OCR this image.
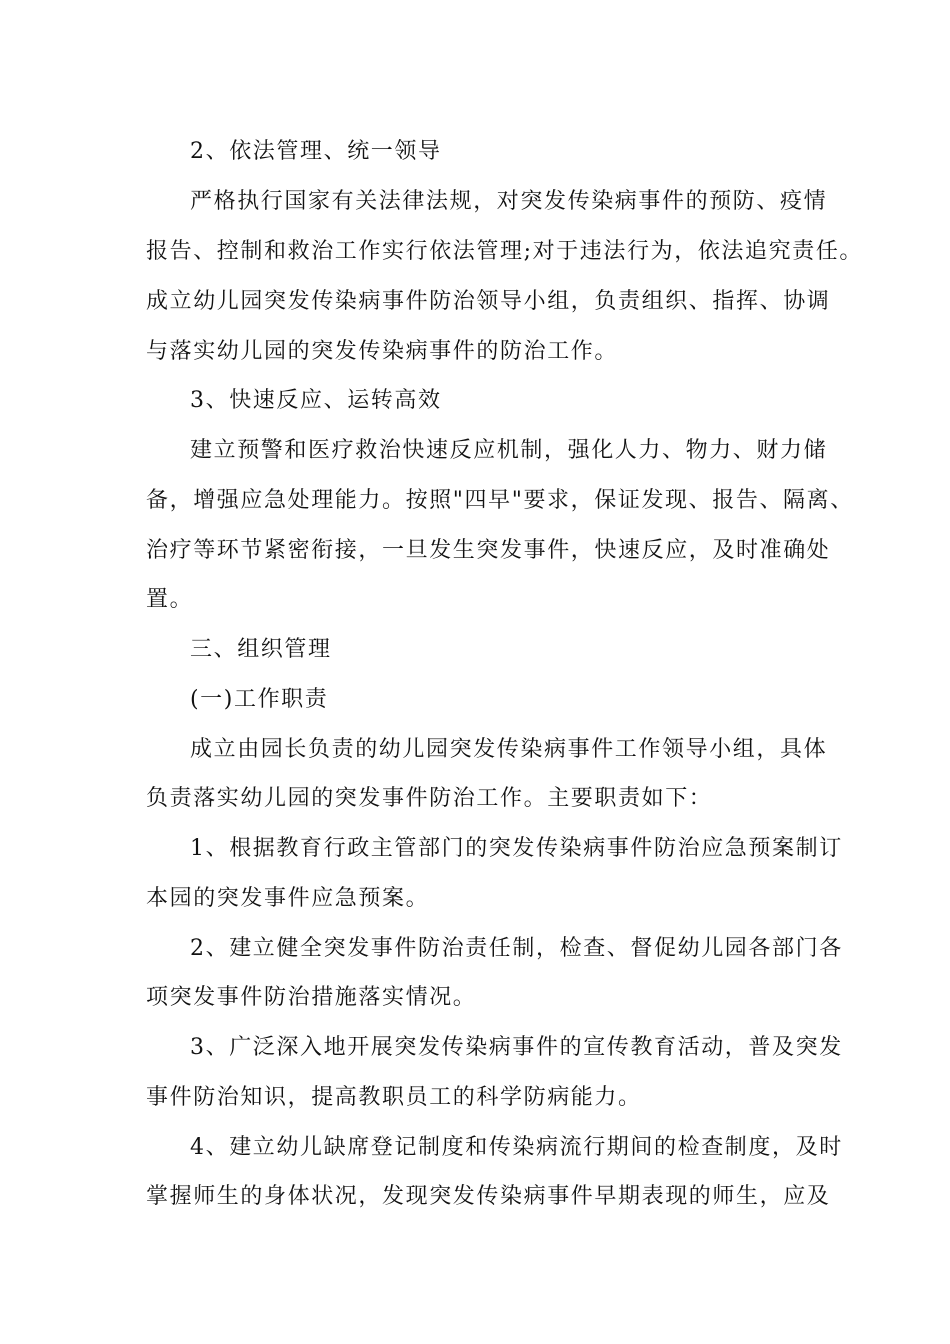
2、依法管理、统一领导
严格执行国家有关法律法规，对突发传染病事件的预防、疫情
报告、控制和救治工作实行依法管理;对于违法行为，依法追究责任。
成立幼儿园突发传染病事件防治领导小组，负责组织、指挥、协调
与落实幼儿园的突发传染病事件的防治工作。
3、快速反应、运转高效
建立预警和医疗救治快速反应机制，强化人力、物力、财力储
备，增强应急处理能力。按照"四早"要求，保证发现、报告、隔离、
治疗等环节紧密衔接，一旦发生突发事件，快速反应，及时准确处
置。
三、组织管理
(一)工作职责
成立由园长负责的幼儿园突发传染病事件工作领导小组，具体
负责落实幼儿园的突发事件防治工作。主要职责如下：
1、根据教育行政主管部门的突发传染病事件防治应急预案制订
本园的突发事件应急预案。
2、建立健全突发事件防治责任制，检查、督促幼儿园各部门各
项突发事件防治措施落实情况。
3、广泛深入地开展突发传染病事件的宣传教育活动，普及突发
事件防治知识，提高教职员工的科学防病能力。
4、建立幼儿缺席登记制度和传染病流行期间的检查制度，及时
掌握师生的身体状况，发现突发传染病事件早期表现的师生，应及
